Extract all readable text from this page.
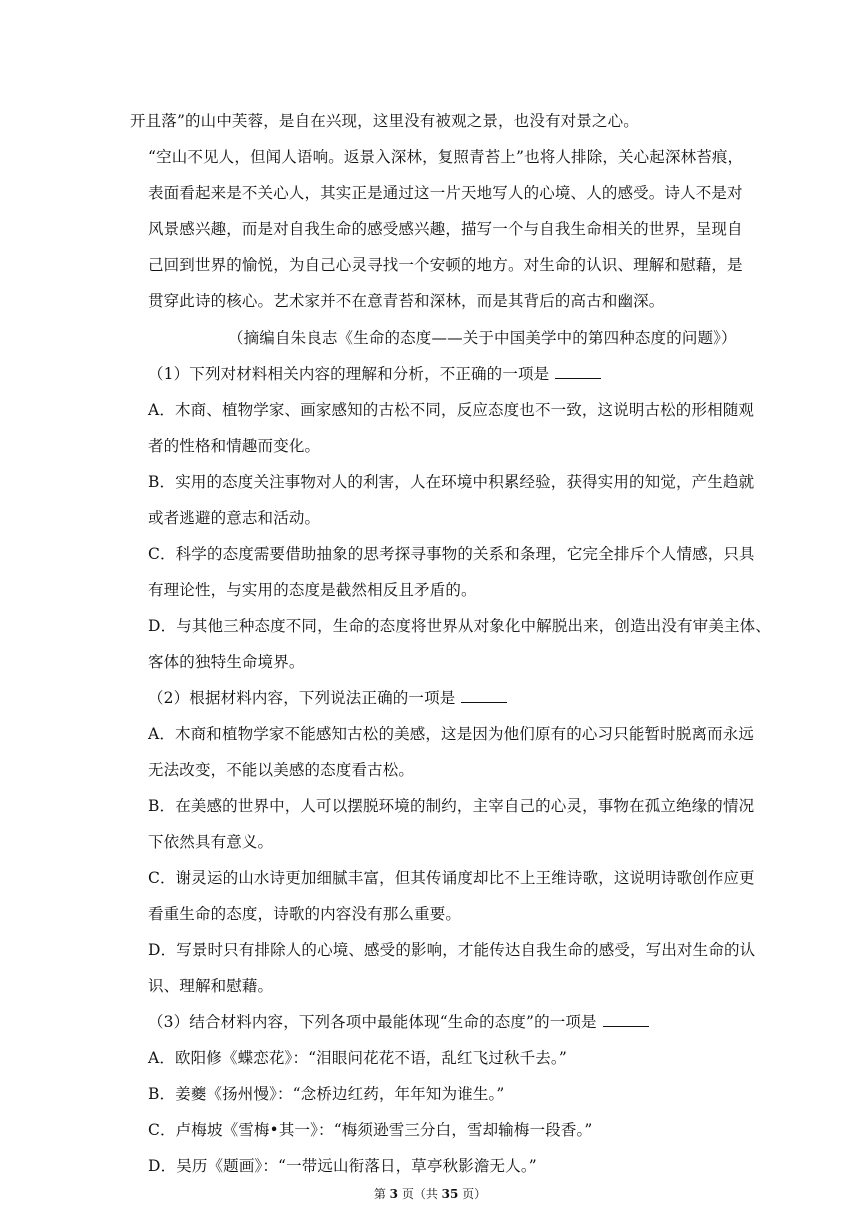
开且落”的山中芙蓉，是自在兴现，这里没有被观之景，也没有对景之心。
“空山不见人，但闻人语响。返景入深林，复照青苔上”也将人排除，关心起深林苔痕，
表面看起来是不关心人，其实正是通过这一片天地写人的心境、人的感受。诗人不是对
风景感兴趣，而是对自我生命的感受感兴趣，描写一个与自我生命相关的世界，呈现自
己回到世界的愉悦，为自己心灵寻找一个安顿的地方。对生命的认识、理解和慰藉，是
贯穿此诗的核心。艺术家并不在意青苔和深林，而是其背后的高古和幽深。
（摘编自朱良志《生命的态度——关于中国美学中的第四种态度的问题》）
（1）下列对材料相关内容的理解和分析，不正确的一项是
A．木商、植物学家、画家感知的古松不同，反应态度也不一致，这说明古松的形相随观
者的性格和情趣而变化。
B．实用的态度关注事物对人的利害，人在环境中积累经验，获得实用的知觉，产生趋就
或者逃避的意志和活动。
C．科学的态度需要借助抽象的思考探寻事物的关系和条理，它完全排斥个人情感，只具
有理论性，与实用的态度是截然相反且矛盾的。
D．与其他三种态度不同，生命的态度将世界从对象化中解脱出来，创造出没有审美主体、
客体的独特生命境界。
（2）根据材料内容，下列说法正确的一项是
A．木商和植物学家不能感知古松的美感，这是因为他们原有的心习只能暂时脱离而永远
无法改变，不能以美感的态度看古松。
B．在美感的世界中，人可以摆脱环境的制约，主宰自己的心灵，事物在孤立绝缘的情况
下依然具有意义。
C．谢灵运的山水诗更加细腻丰富，但其传诵度却比不上王维诗歌，这说明诗歌创作应更
看重生命的态度，诗歌的内容没有那么重要。
D．写景时只有排除人的心境、感受的影响，才能传达自我生命的感受，写出对生命的认
识、理解和慰藉。
（3）结合材料内容，下列各项中最能体现“生命的态度”的一项是
A．欧阳修《蝶恋花》：“泪眼问花花不语，乱红飞过秋千去。”
B．姜夔《扬州慢》：“念桥边红药，年年知为谁生。”
C．卢梅坡《雪梅•其一》：“梅须逊雪三分白，雪却输梅一段香。”
D．吴历《题画》：“一带远山衔落日，草亭秋影澹无人。”
第 3 页（共 35 页）
